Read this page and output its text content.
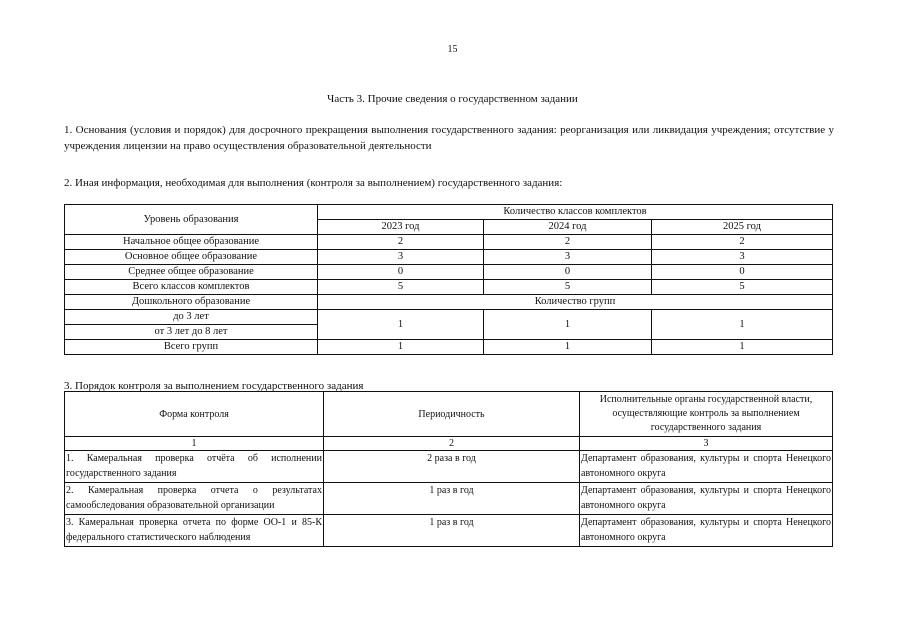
15
Часть 3. Прочие сведения о государственном задании
1. Основания (условия и порядок) для досрочного прекращения выполнения государственного задания: реорганизация или ликвидация учреждения; отсутствие у учреждения лицензии на право осуществления образовательной деятельности
2. Иная информация, необходимая для выполнения (контроля за выполнением) государственного задания:
Уровень образования	Количество классов комплектов		
	2023 год	2024 год	2025 год
Начальное общее образование	2	2	2
Основное общее образование	3	3	3
Среднее общее образование	0	0	0
Всего классов комплектов	5	5	5
Дошкольного образование	Количество групп		
до 3 лет	1	1	1
от 3 лет до 8 лет			
Всего групп	1	1	1
3. Порядок контроля за выполнением государственного задания
Форма контроля	Периодичность	Исполнительные органы государственной власти, осуществляющие контроль за выполнением государственного задания
1	2	3
1. Камеральная проверка отчёта об исполнении государственного задания	2 раза в год	Департамент образования, культуры и спорта Ненецкого автономного округа
2. Камеральная проверка отчета о результатах самообследования образовательной организации	1 раз в год	Департамент образования, культуры и спорта Ненецкого автономного округа
3. Камеральная проверка отчета по форме ОО-1 и 85-К федерального статистического наблюдения	1 раз в год	Департамент образования, культуры и спорта Ненецкого автономного округа
